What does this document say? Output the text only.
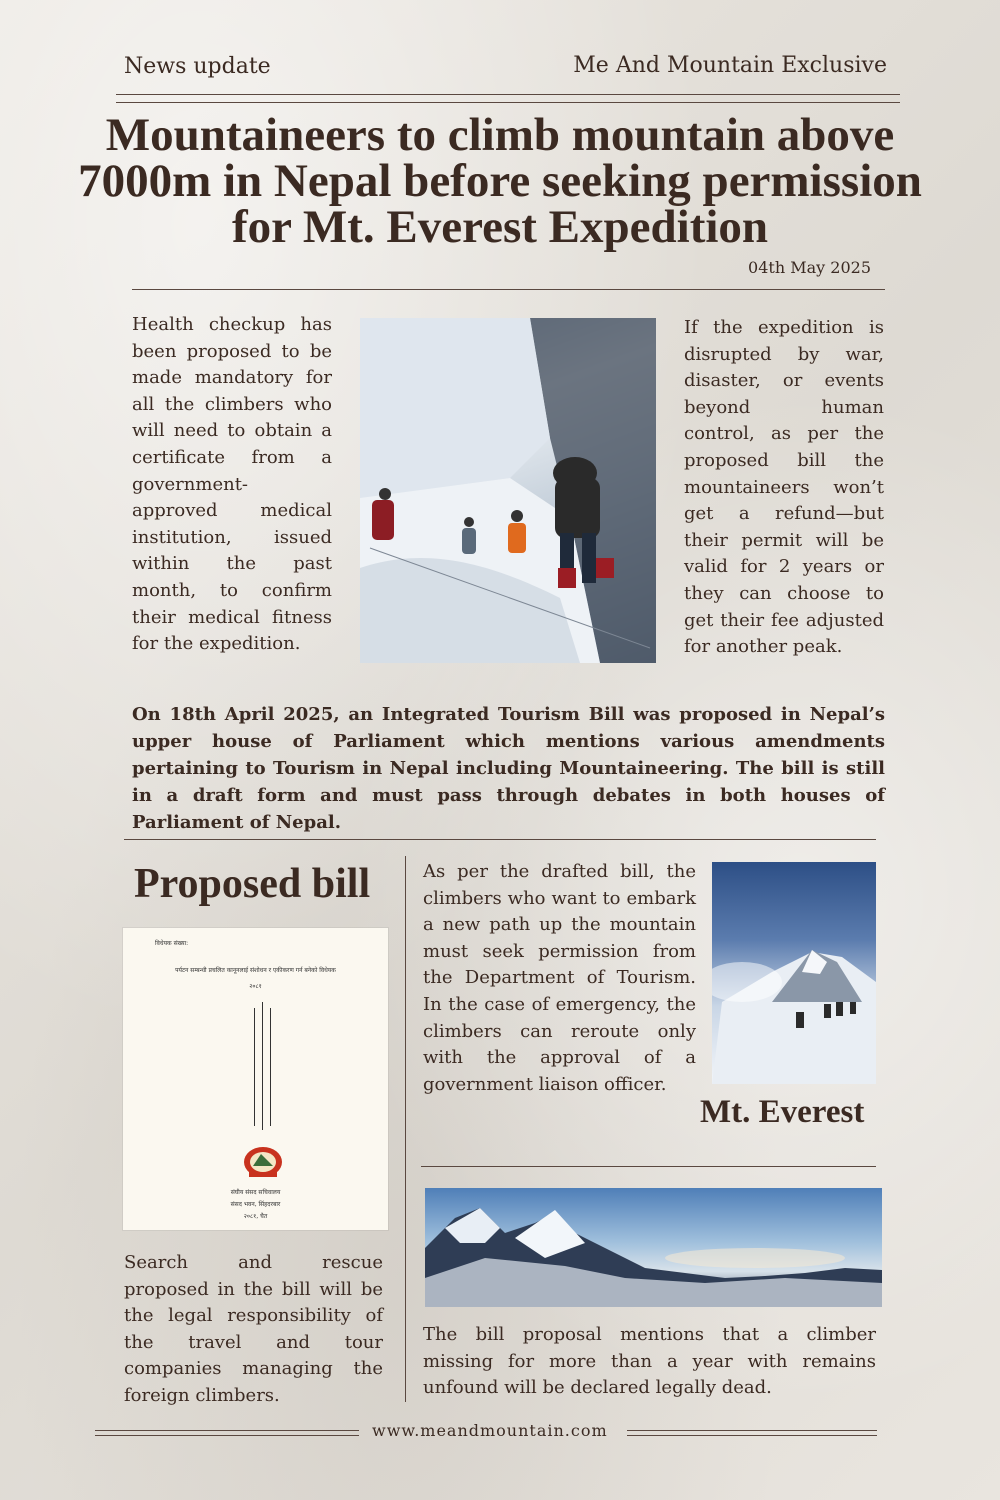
News update	Me And Mountain Exclusive
Mountaineers to climb mountain above 7000m in Nepal before seeking permission for Mt. Everest Expedition
04th May 2025

Health checkup has been proposed to be made mandatory for all the climbers who will need to obtain a certificate from a government-approved medical institution, issued within the past month, to confirm their medical fitness for the expedition.

If the expedition is disrupted by war, disaster, or events beyond human control, as per the proposed bill the mountaineers won’t get a refund—but their permit will be valid for 2 years or they can choose to get their fee adjusted for another peak.

On 18th April 2025, an Integrated Tourism Bill was proposed in Nepal’s upper house of Parliament which mentions various amendments pertaining to Tourism in Nepal including Mountaineering. The bill is still in a draft form and must pass through debates in both houses of Parliament of Nepal.

Proposed bill
विधेयक संख्या:
पर्यटन सम्बन्धी प्रचलित कानूनलाई संशोधन र एकीकरण गर्न बनेको विधेयक
२०८१
संघीय संसद सचिवालय
संसद भवन, सिंहदरबार
२०८१, चैत

Search and rescue proposed in the bill will be the legal responsibility of the travel and tour companies managing the foreign climbers.

As per the drafted bill, the climbers who want to embark a new path up the mountain must seek permission from the Department of Tourism. In the case of emergency, the climbers can reroute only with the approval of a government liaison officer.

Mt. Everest

The bill proposal mentions that a climber missing for more than a year with remains unfound will be declared legally dead.

www.meandmountain.com
